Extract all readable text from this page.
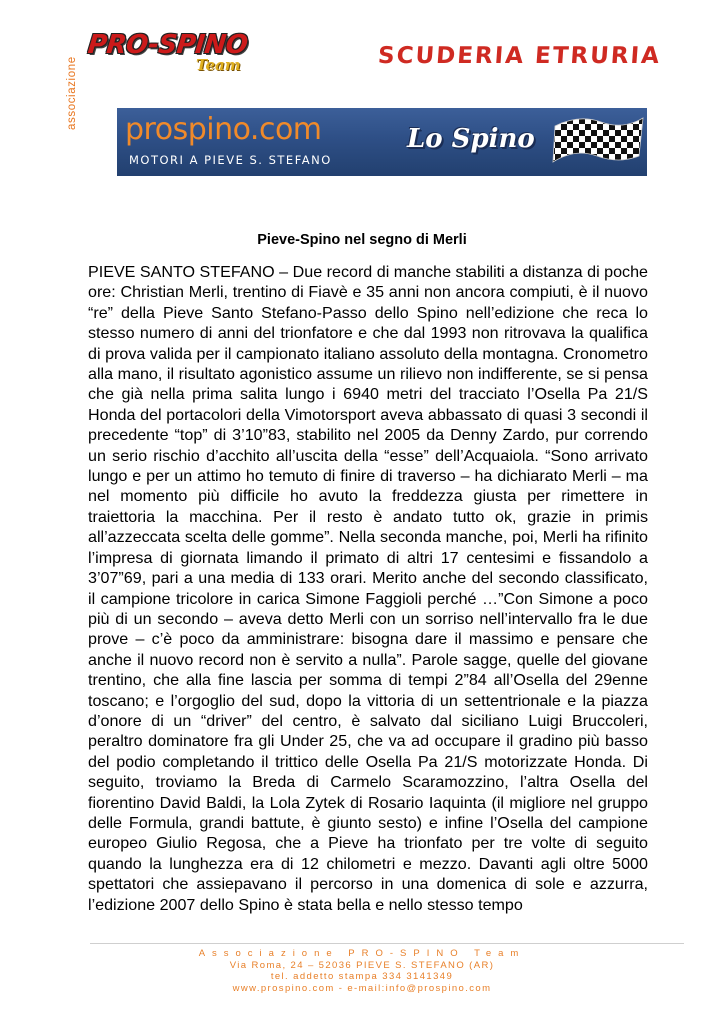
associazione
PRO-SPINO
Team	SCUDERIA ETRURIA
prospino.com
MOTORI A PIEVE S. STEFANO
Lo Spino
Pieve-Spino nel segno di Merli
PIEVE SANTO STEFANO – Due record di manche stabiliti a distanza di poche ore: Christian Merli, trentino di Fiavè e 35 anni non ancora compiuti, è il nuovo “re” della Pieve Santo Stefano-Passo dello Spino nell’edizione che reca lo stesso numero di anni del trionfatore e che dal 1993 non ritrovava la qualifica di prova valida per il campionato italiano assoluto della montagna. Cronometro alla mano, il risultato agonistico assume un rilievo non indifferente, se si pensa che già nella prima salita lungo i 6940 metri del tracciato l’Osella Pa 21/S Honda del portacolori della Vimotorsport aveva abbassato di quasi 3 secondi il precedente “top” di 3’10”83, stabilito nel 2005 da Denny Zardo, pur correndo un serio rischio d’acchito all’uscita della “esse” dell’Acquaiola. “Sono arrivato lungo e per un attimo ho temuto di finire di traverso – ha dichiarato Merli – ma nel momento più difficile ho avuto la freddezza giusta per rimettere in traiettoria la macchina. Per il resto è andato tutto ok, grazie in primis all’azzeccata scelta delle gomme”. Nella seconda manche, poi, Merli ha rifinito l’impresa di giornata limando il primato di altri 17 centesimi e fissandolo a 3’07”69, pari a una media di 133 orari. Merito anche del secondo classificato, il campione tricolore in carica Simone Faggioli perché …”Con Simone a poco più di un secondo – aveva detto Merli con un sorriso nell’intervallo fra le due prove – c’è poco da amministrare: bisogna dare il massimo e pensare che anche il nuovo record non è servito a nulla”. Parole sagge, quelle del giovane trentino, che alla fine lascia per somma di tempi 2”84 all’Osella del 29enne toscano; e l’orgoglio del sud, dopo la vittoria di un settentrionale e la piazza d’onore di un “driver” del centro, è salvato dal siciliano Luigi Bruccoleri, peraltro dominatore fra gli Under 25, che va ad occupare il gradino più basso del podio completando il trittico delle Osella Pa 21/S motorizzate Honda. Di seguito, troviamo la Breda di Carmelo Scaramozzino, l’altra Osella del fiorentino David Baldi, la Lola Zytek di Rosario Iaquinta (il migliore nel gruppo delle Formula, grandi battute, è giunto sesto) e infine l’Osella del campione europeo Giulio Regosa, che a Pieve ha trionfato per tre volte di seguito quando la lunghezza era di 12 chilometri e mezzo. Davanti agli oltre 5000 spettatori che assiepavano il percorso in una domenica di sole e azzurra, l’edizione 2007 dello Spino è stata bella e nello stesso tempo
Associazione PRO-SPINO Team
Via Roma, 24 – 52036 PIEVE S. STEFANO (AR)
tel. addetto stampa 334 3141349
www.prospino.com - e-mail:info@prospino.com
